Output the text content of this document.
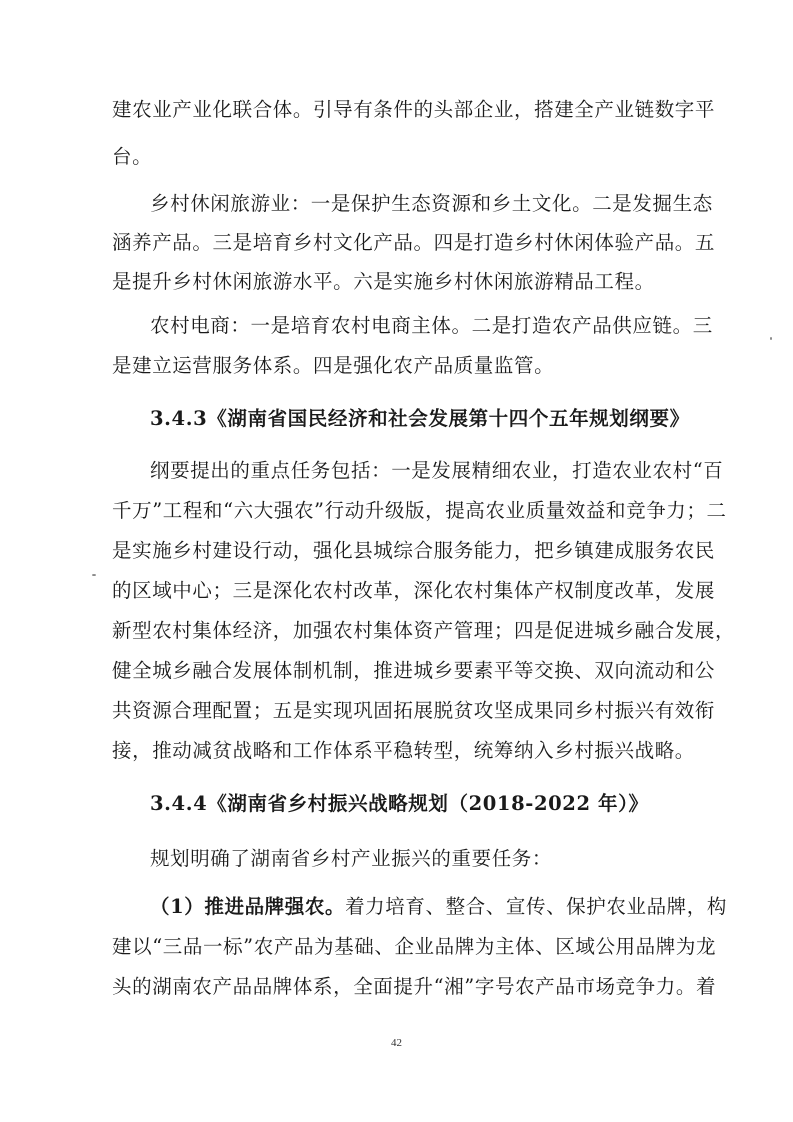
建农业产业化联合体。引导有条件的头部企业，搭建全产业链数字平
台。
乡村休闲旅游业：一是保护生态资源和乡土文化。二是发掘生态
涵养产品。三是培育乡村文化产品。四是打造乡村休闲体验产品。五
是提升乡村休闲旅游水平。六是实施乡村休闲旅游精品工程。
农村电商：一是培育农村电商主体。二是打造农产品供应链。三
是建立运营服务体系。四是强化农产品质量监管。
3.4.3《湖南省国民经济和社会发展第十四个五年规划纲要》
纲要提出的重点任务包括：一是发展精细农业，打造农业农村“百
千万”工程和“六大强农”行动升级版，提高农业质量效益和竞争力；二
是实施乡村建设行动，强化县城综合服务能力，把乡镇建成服务农民
的区域中心；三是深化农村改革，深化农村集体产权制度改革，发展
新型农村集体经济，加强农村集体资产管理；四是促进城乡融合发展，
健全城乡融合发展体制机制，推进城乡要素平等交换、双向流动和公
共资源合理配置；五是实现巩固拓展脱贫攻坚成果同乡村振兴有效衔
接，推动减贫战略和工作体系平稳转型，统筹纳入乡村振兴战略。
3.4.4《湖南省乡村振兴战略规划（2018-2022 年）》
规划明确了湖南省乡村产业振兴的重要任务：
（1）推进品牌强农。着力培育、整合、宣传、保护农业品牌，构
建以“三品一标”农产品为基础、企业品牌为主体、区域公用品牌为龙
头的湖南农产品品牌体系，全面提升“湘”字号农产品市场竞争力。着
42
